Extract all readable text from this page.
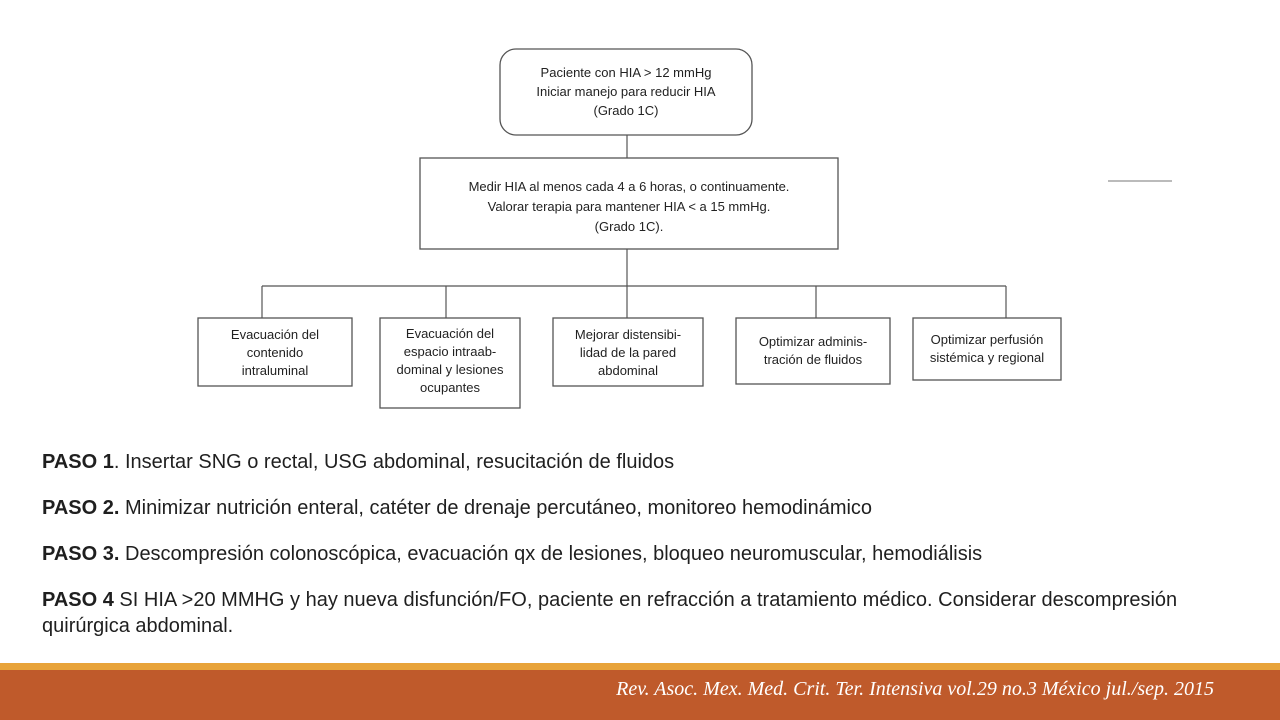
Paciente con HIA > 12 mmHg
Iniciar manejo para reducir HIA
(Grado 1C)
Medir HIA al menos cada 4 a 6 horas, o continuamente.
Valorar terapia para mantener HIA < a 15 mmHg.
(Grado 1C).
Evacuación del
contenido
intraluminal
Evacuación del
espacio intraab-
dominal y lesiones
ocupantes
Mejorar distensibi-
lidad de la pared
abdominal
Optimizar adminis-
tración de fluidos
Optimizar perfusión
sistémica y regional

PASO 1. Insertar SNG o rectal, USG abdominal, resucitación de fluidos

PASO 2. Minimizar nutrición enteral, catéter de drenaje percutáneo, monitoreo hemodinámico

PASO 3. Descompresión colonoscópica, evacuación qx de lesiones, bloqueo neuromuscular, hemodiálisis

PASO 4 SI HIA >20 MMHG y hay nueva disfunción/FO, paciente en refracción a tratamiento médico. Considerar descompresión quirúrgica abdominal.

Rev. Asoc. Mex. Med. Crit. Ter. Intensiva vol.29 no.3 México jul./sep. 2015
